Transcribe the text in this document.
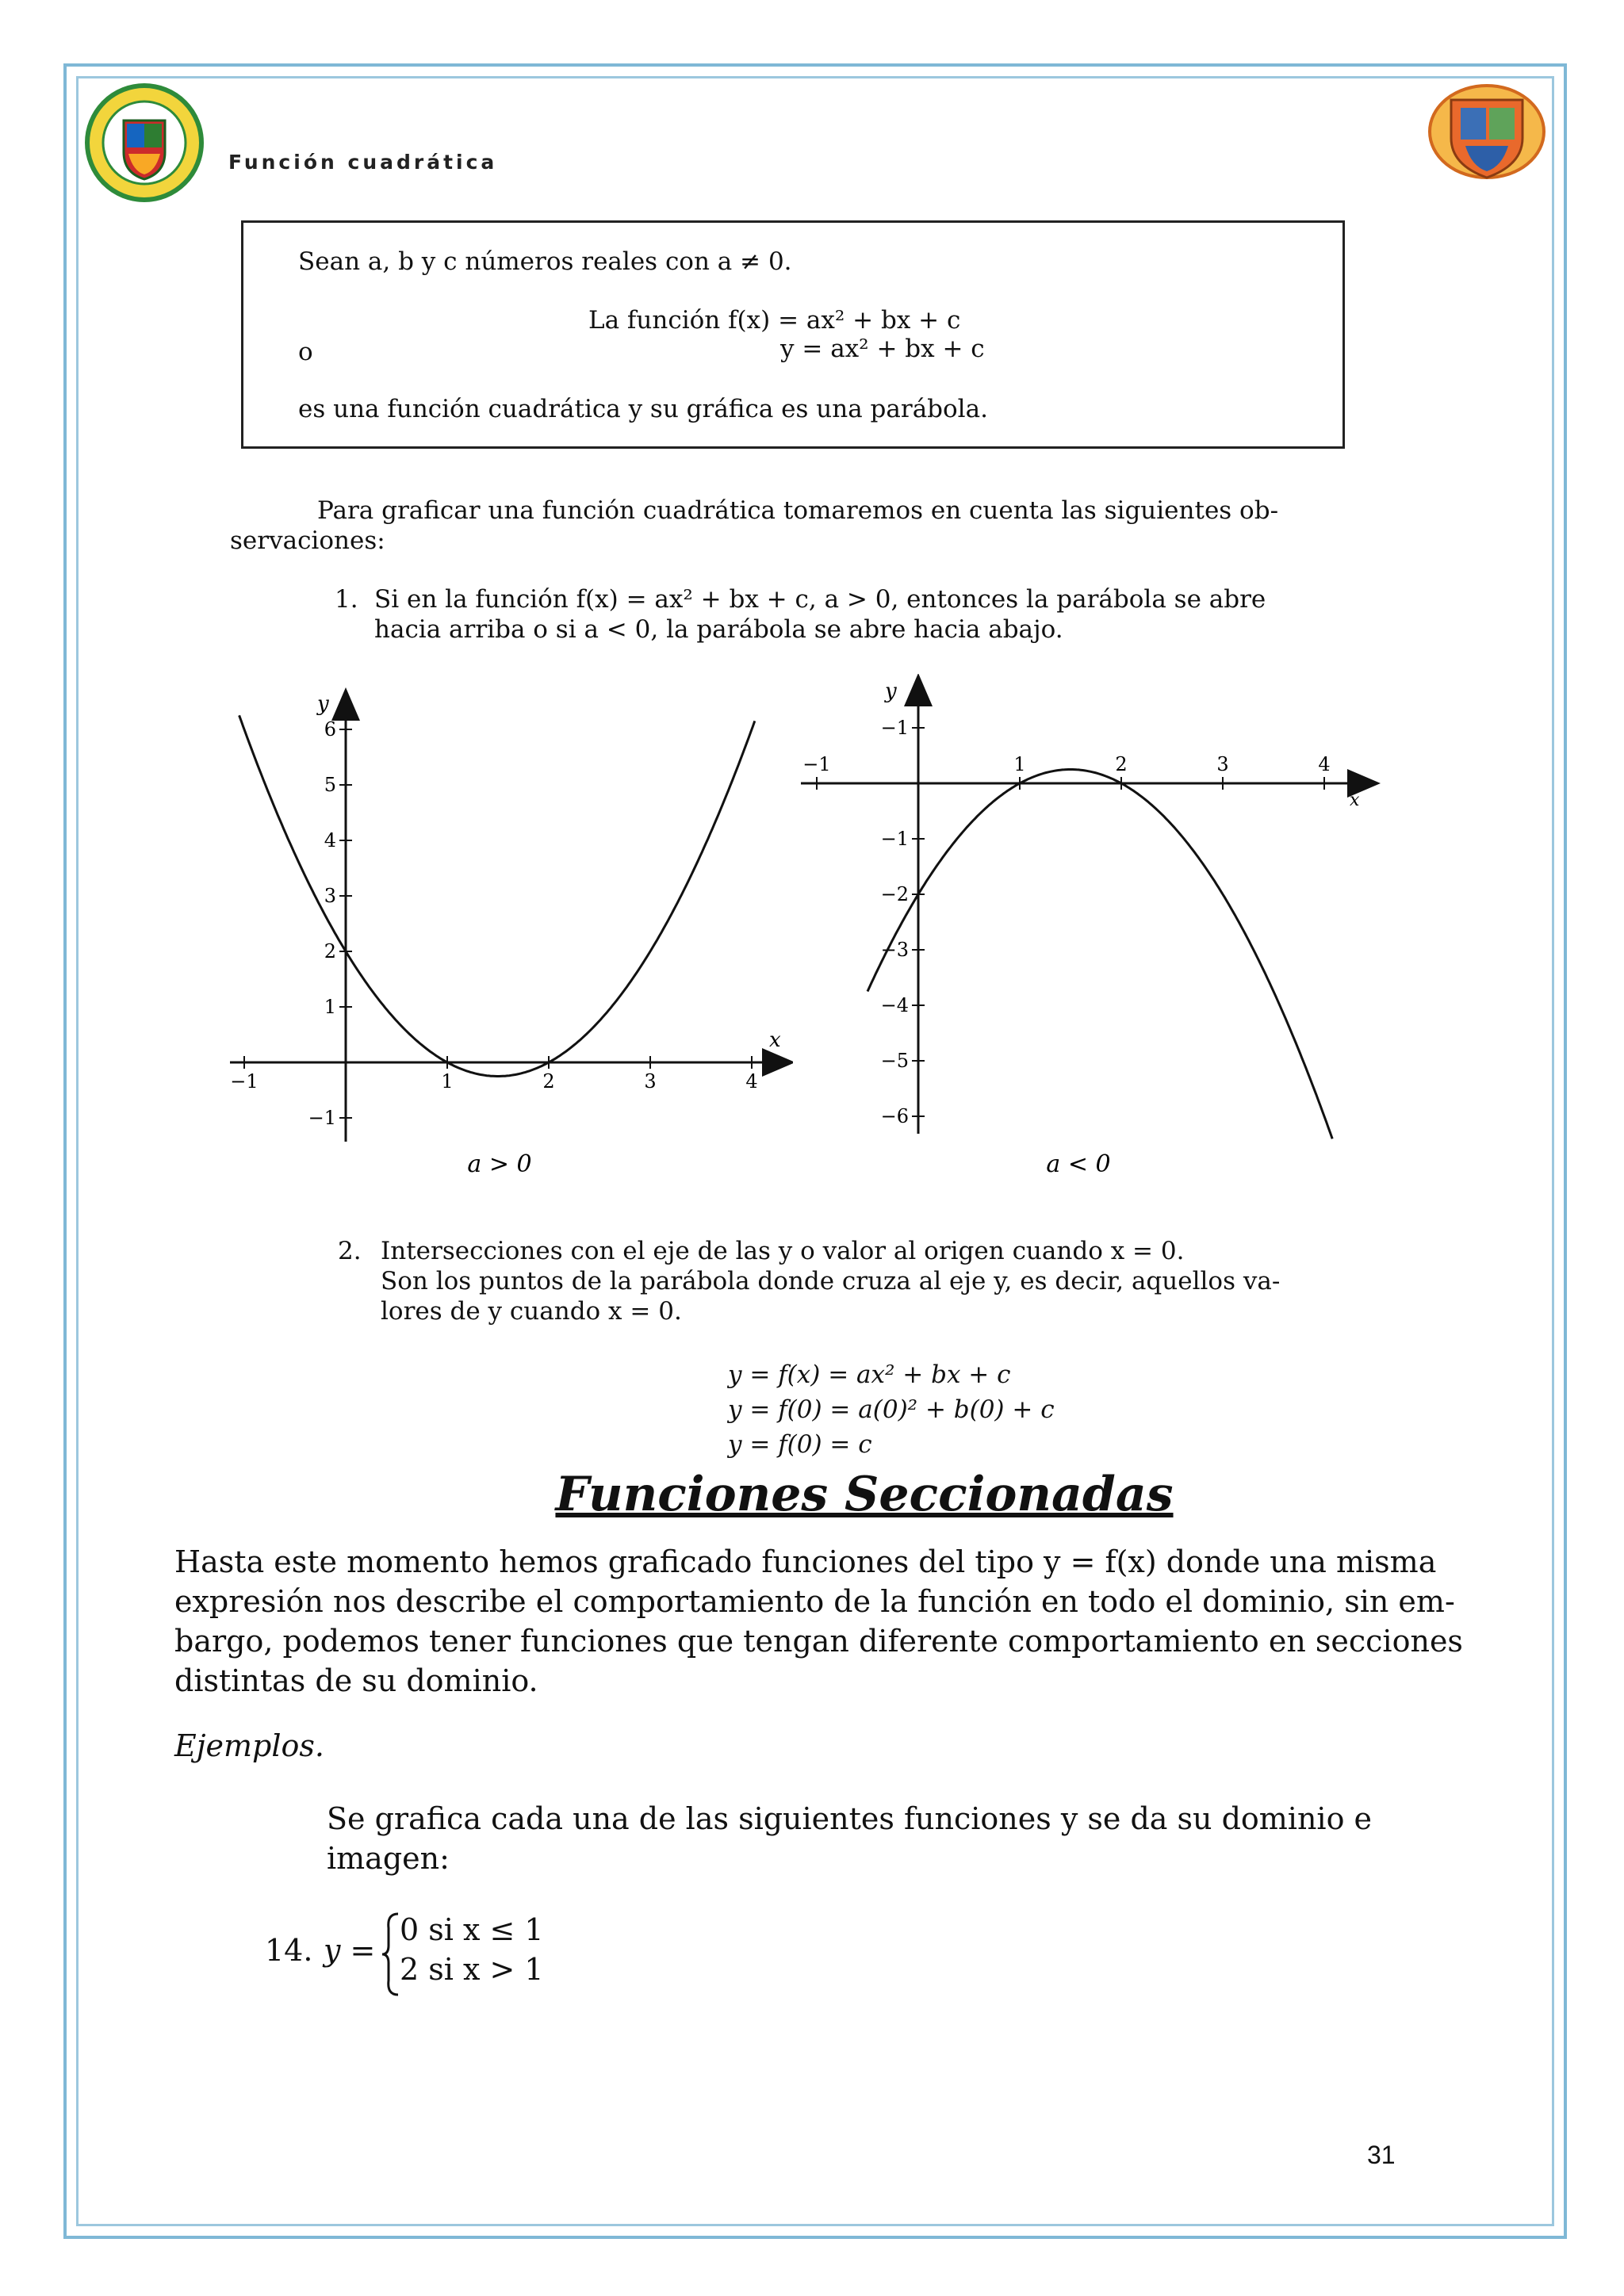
Función cuadrática
Sean a, b y c números reales con a ≠ 0.
La función f(x) = ax² + bx + c
o	y = ax² + bx + c
es una función cuadrática y su gráfica es una parábola.
Para graficar una función cuadrática tomaremos en cuenta las siguientes ob-
servaciones:
1. Si en la función f(x) = ax² + bx + c, a > 0, entonces la parábola se abre
hacia arriba o si a < 0, la parábola se abre hacia abajo.
−1	1	2	3	4
−1
1
2
3
4
5
6
x
y
a > 0
−1	1	2	3	4
−1
−1
−2
−3
−4
−5
−6
x
y
a < 0
2. Intersecciones con el eje de las y o valor al origen cuando x = 0.
Son los puntos de la parábola donde cruza al eje y, es decir, aquellos va-
lores de y cuando x = 0.
y = f(x) = ax² + bx + c
y = f(0) = a(0)² + b(0) + c
y = f(0) = c
Funciones Seccionadas
Hasta este momento hemos graficado funciones del tipo y = f(x) donde una misma
expresión nos describe el comportamiento de la función en todo el dominio, sin em-
bargo, podemos tener funciones que tengan diferente comportamiento en secciones
distintas de su dominio.
Ejemplos.
Se grafica cada una de las siguientes funciones y se da su dominio e
imagen:
14. y =
0 si x ≤ 1
2 si x > 1
31
